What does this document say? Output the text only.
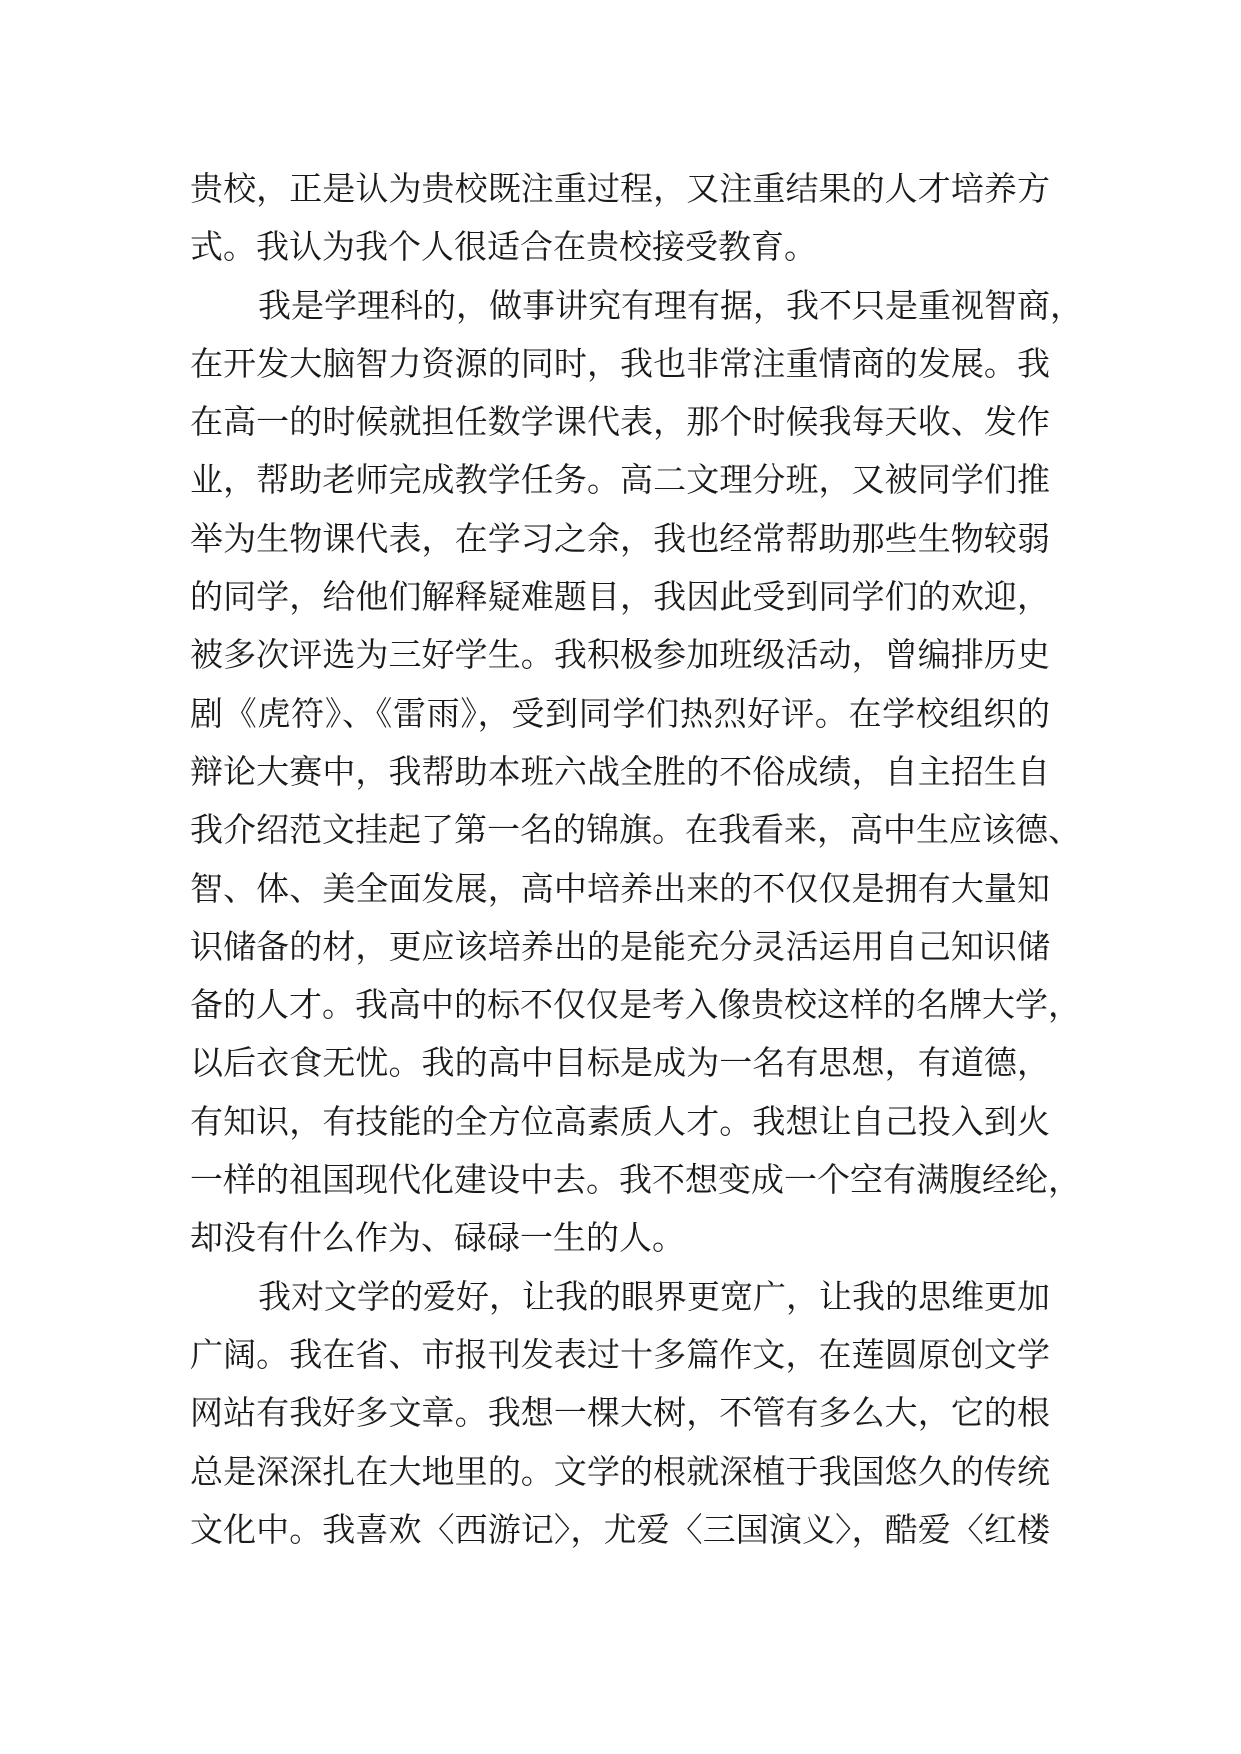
贵校，正是认为贵校既注重过程，又注重结果的人才培养方
式。我认为我个人很适合在贵校接受教育。
我是学理科的，做事讲究有理有据，我不只是重视智商，
在开发大脑智力资源的同时，我也非常注重情商的发展。我
在高一的时候就担任数学课代表，那个时候我每天收、发作
业，帮助老师完成教学任务。高二文理分班，又被同学们推
举为生物课代表，在学习之余，我也经常帮助那些生物较弱
的同学，给他们解释疑难题目，我因此受到同学们的欢迎，
被多次评选为三好学生。我积极参加班级活动，曾编排历史
剧《虎符》、《雷雨》，受到同学们热烈好评。在学校组织的
辩论大赛中，我帮助本班六战全胜的不俗成绩，自主招生自
我介绍范文挂起了第一名的锦旗。在我看来，高中生应该德、
智、体、美全面发展，高中培养出来的不仅仅是拥有大量知
识储备的材，更应该培养出的是能充分灵活运用自己知识储
备的人才。我高中的标不仅仅是考入像贵校这样的名牌大学，
以后衣食无忧。我的高中目标是成为一名有思想，有道德，
有知识，有技能的全方位高素质人才。我想让自己投入到火
一样的祖国现代化建设中去。我不想变成一个空有满腹经纶，
却没有什么作为、碌碌一生的人。
我对文学的爱好，让我的眼界更宽广，让我的思维更加
广阔。我在省、市报刊发表过十多篇作文，在莲圆原创文学
网站有我好多文章。我想一棵大树，不管有多么大，它的根
总是深深扎在大地里的。文学的根就深植于我国悠久的传统
文化中。我喜欢〈西游记〉，尤爱〈三国演义〉，酷爱〈红楼
